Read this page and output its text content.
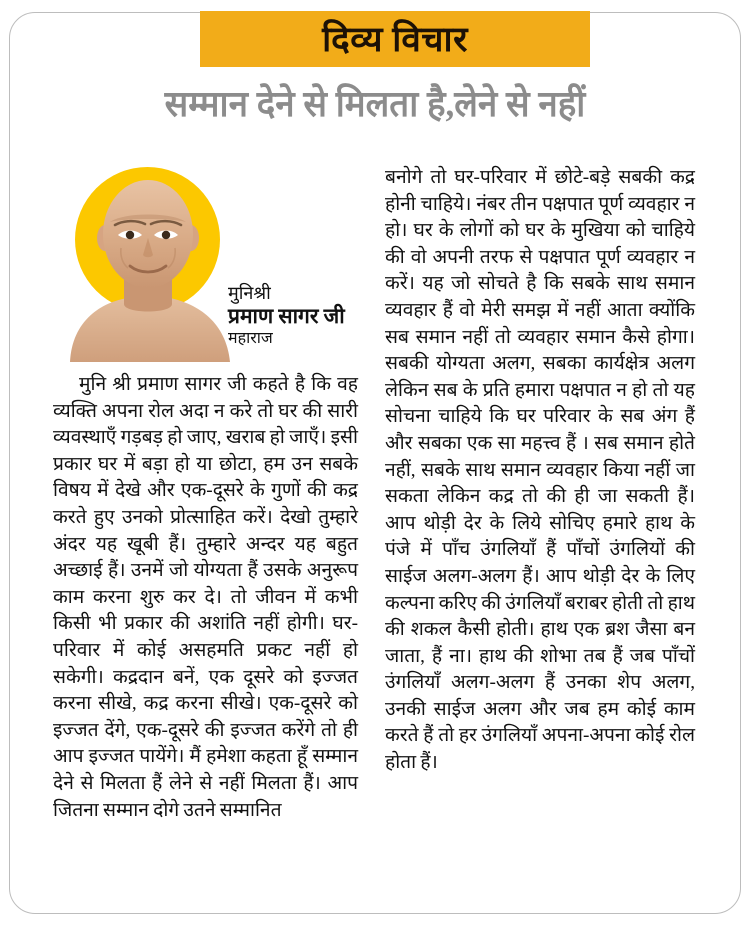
दिव्य विचार
सम्मान देने से मिलता है,लेने से नहीं
मुनिश्री
प्रमाण सागर जी
महाराज

मुनि श्री प्रमाण सागर जी कहते है कि वह व्यक्ति अपना रोल अदा न करे तो घर की सारी व्यवस्थाएँ गड़बड़ हो जाए, खराब हो जाएँ। इसी प्रकार घर में बड़ा हो या छोटा, हम उन सबके विषय में देखे और एक-दूसरे के गुणों की कद्र करते हुए उनको प्रोत्साहित करें। देखो तुम्हारे अंदर यह खूबी हैं। तुम्हारे अन्दर यह बहुत अच्छाई हैं। उनमें जो योग्यता हैं उसके अनुरूप काम करना शुरु कर दे। तो जीवन में कभी किसी भी प्रकार की अशांति नहीं होगी। घर-परिवार में कोई असहमति प्रकट नहीं हो सकेगी। कद्रदान बनें, एक दूसरे को इज्जत करना सीखे, कद्र करना सीखे। एक-दूसरे को इज्जत देंगे, एक-दूसरे की इज्जत करेंगे तो ही आप इज्जत पायेंगे। मैं हमेशा कहता हूँ सम्मान देने से मिलता हैं लेने से नहीं मिलता हैं। आप जितना सम्मान दोगे उतने सम्मानित

बनोगे तो घर-परिवार में छोटे-बड़े सबकी कद्र होनी चाहिये। नंबर तीन पक्षपात पूर्ण व्यवहार न हो। घर के लोगों को घर के मुखिया को चाहिये की वो अपनी तरफ से पक्षपात पूर्ण व्यवहार न करें। यह जो सोचते है कि सबके साथ समान व्यवहार हैं वो मेरी समझ में नहीं आता क्योंकि सब समान नहीं तो व्यवहार समान कैसे होगा। सबकी योग्यता अलग, सबका कार्यक्षेत्र अलग लेकिन सब के प्रति हमारा पक्षपात न हो तो यह सोचना चाहिये कि घर परिवार के सब अंग हैं और सबका एक सा महत्त्व हैं । सब समान होते नहीं, सबके साथ समान व्यवहार किया नहीं जा सकता लेकिन कद्र तो की ही जा सकती हैं। आप थोड़ी देर के लिये सोचिए हमारे हाथ के पंजे में पाँच उंगलियाँ हैं पाँचों उंगलियों की साईज अलग-अलग हैं। आप थोड़ी देर के लिए कल्पना करिए की उंगलियाँ बराबर होती तो हाथ की शकल कैसी होती। हाथ एक ब्रश जैसा बन जाता, हैं ना। हाथ की शोभा तब हैं जब पाँचों उंगलियाँ अलग-अलग हैं उनका शेप अलग, उनकी साईज अलग और जब हम कोई काम करते हैं तो हर उंगलियाँ अपना-अपना कोई रोल होता हैं।
